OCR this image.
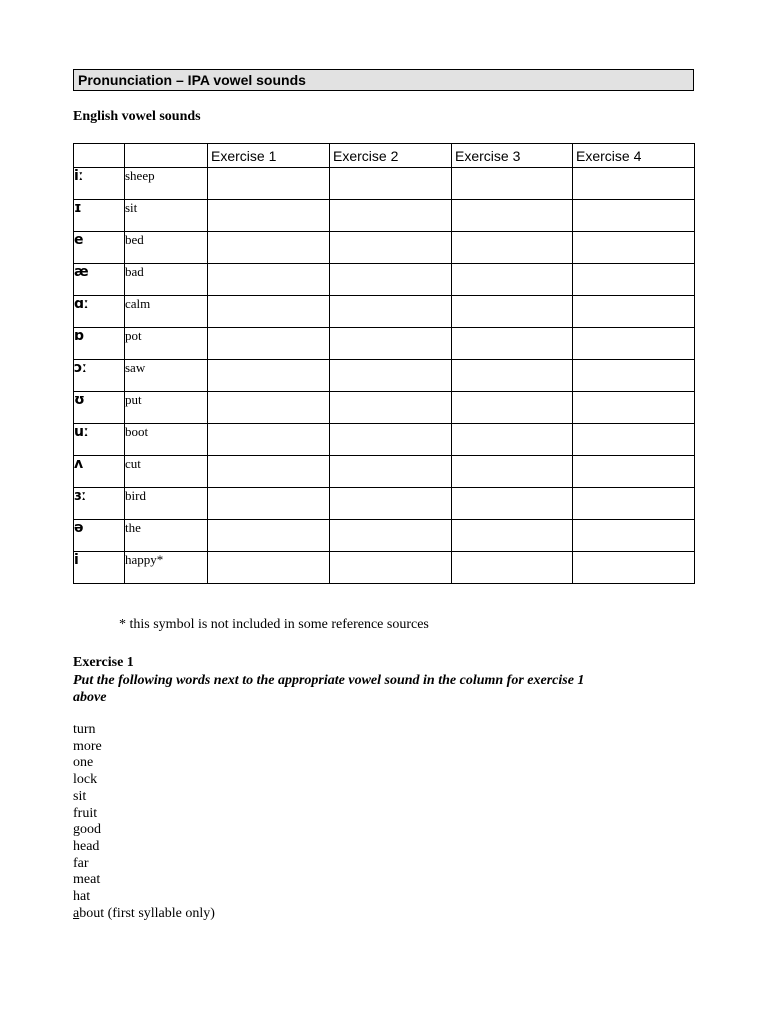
Pronunciation – IPA vowel sounds
English vowel sounds
		Exercise 1	Exercise 2	Exercise 3	Exercise 4
iː	sheep				
ɪ	sit				
e	bed				
æ	bad				
ɑː	calm				
ɒ	pot				
ɔː	saw				
ʊ	put				
uː	boot				
ʌ	cut				
ɜː	bird				
ə	the				
i	happy*				
* this symbol is not included in some reference sources
Exercise 1
Put the following words next to the appropriate vowel sound in the column for exercise 1 above
turn
more
one
lock
sit
fruit
good
head
far
meat
hat
about (first syllable only)
